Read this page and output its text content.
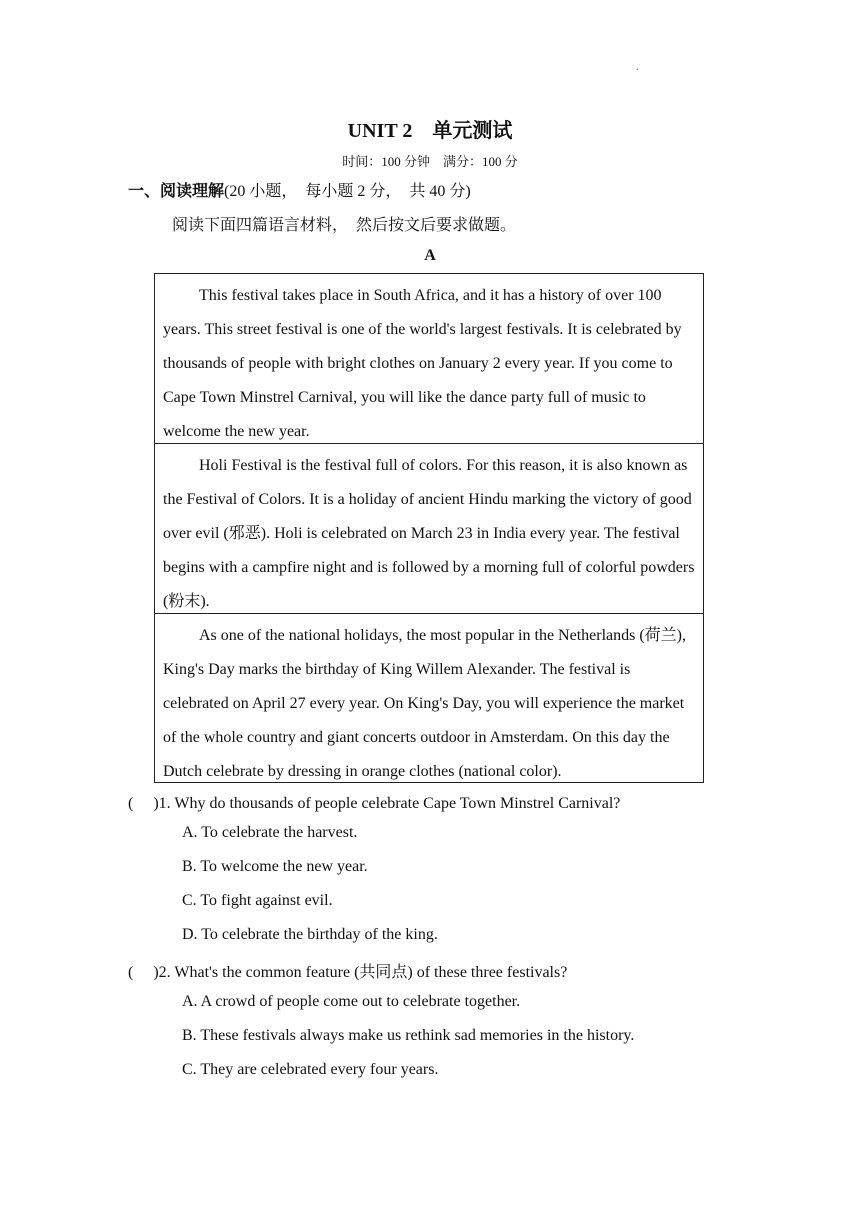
.
UNIT 2　单元测试
时间：100 分钟　满分：100 分
一、阅读理解(20 小题，  每小题 2 分，  共 40 分)
阅读下面四篇语言材料，  然后按文后要求做题。
A
This festival takes place in South Africa, and it has a history of over 100 years. This street festival is one of the world's largest festivals. It is celebrated by thousands of people with bright clothes on January 2 every year. If you come to Cape Town Minstrel Carnival, you will like the dance party full of music to welcome the new year.
Holi Festival is the festival full of colors. For this reason, it is also known as the Festival of Colors. It is a holiday of ancient Hindu marking the victory of good over evil (邪恶). Holi is celebrated on March 23 in India every year. The festival begins with a campfire night and is followed by a morning full of colorful powders (粉末).
As one of the national holidays, the most popular in the Netherlands (荷兰), King's Day marks the birthday of King Willem Alexander. The festival is celebrated on April 27 every year. On King's Day, you will experience the market of the whole country and giant concerts outdoor in Amsterdam. On this day the Dutch celebrate by dressing in orange clothes (national color).
(　 )1. Why do thousands of people celebrate Cape Town Minstrel Carnival?
A. To celebrate the harvest.
B. To welcome the new year.
C. To fight against evil.
D. To celebrate the birthday of the king.
(　 )2. What's the common feature (共同点) of these three festivals?
A. A crowd of people come out to celebrate together.
B. These festivals always make us rethink sad memories in the history.
C. They are celebrated every four years.
